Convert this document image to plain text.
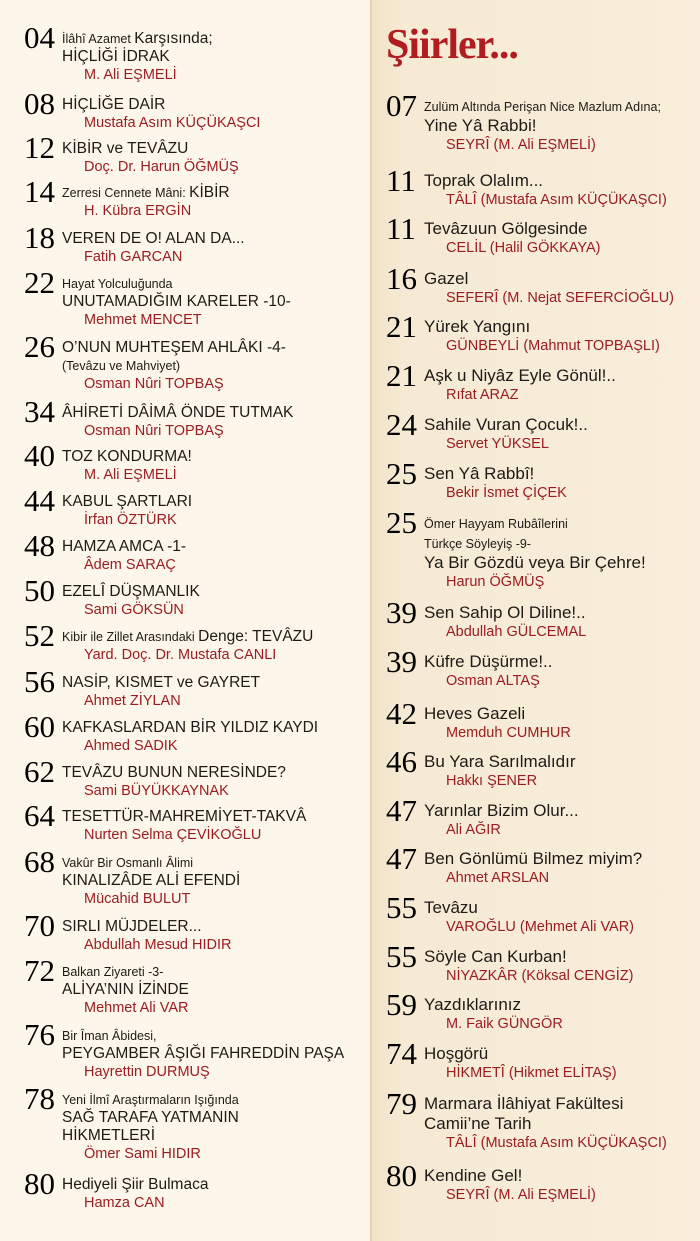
Şiirler...
04 İlâhî Azamet Karşısında;
HİÇLİĞİ İDRAK
M. Ali EŞMELİ
08 HİÇLİĞE DAİR
Mustafa Asım KÜÇÜKAŞCI
12 KİBİR ve TEVÂZU
Doç. Dr. Harun ÖĞMÜŞ
14 Zerresi Cennete Mâni: KİBİR
H. Kübra ERGİN
18 VEREN DE O! ALAN DA...
Fatih GARCAN
22 Hayat Yolculuğunda
UNUTAMADIĞIM KARELER -10-
Mehmet MENCET
26 O’NUN MUHTEŞEM AHLÂKI -4-
(Tevâzu ve Mahviyet)
Osman Nûri TOPBAŞ
34 ÂHİRETİ DÂİMÂ ÖNDE TUTMAK
Osman Nûri TOPBAŞ
40 TOZ KONDURMA!
M. Ali EŞMELİ
44 KABUL ŞARTLARI
İrfan ÖZTÜRK
48 HAMZA AMCA -1-
Âdem SARAÇ
50 EZELÎ DÜŞMANLIK
Sami GÖKSÜN
52 Kibir ile Zillet Arasındaki Denge: TEVÂZU
Yard. Doç. Dr. Mustafa CANLI
56 NASİP, KISMET ve GAYRET
Ahmet ZİYLAN
60 KAFKASLARDAN BİR YILDIZ KAYDI
Ahmed SADIK
62 TEVÂZU BUNUN NERESİNDE?
Sami BÜYÜKKAYNAK
64 TESETTÜR-MAHREMİYET-TAKVÂ
Nurten Selma ÇEVİKOĞLU
68 Vakûr Bir Osmanlı Âlimi
KINALIZÂDE ALİ EFENDİ
Mücahid BULUT
70 SIRLI MÜJDELER...
Abdullah Mesud HIDIR
72 Balkan Ziyareti -3-
ALİYA’NIN İZİNDE
Mehmet Ali VAR
76 Bir Îman Âbidesi,
PEYGAMBER ÂŞIĞI FAHREDDİN PAŞA
Hayrettin DURMUŞ
78 Yeni İlmî Araştırmaların Işığında
SAĞ TARAFA YATMANIN
HİKMETLERİ
Ömer Sami HIDIR
80 Hediyeli Şiir Bulmaca
Hamza CAN
07 Zulüm Altında Perişan Nice Mazlum Adına;
Yine Yâ Rabbi!
SEYRÎ (M. Ali EŞMELİ)
11 Toprak Olalım...
TÂLÎ (Mustafa Asım KÜÇÜKAŞCI)
11 Tevâzuun Gölgesinde
CELİL (Halil GÖKKAYA)
16 Gazel
SEFERÎ (M. Nejat SEFERCİOĞLU)
21 Yürek Yangını
GÜNBEYLİ (Mahmut TOPBAŞLI)
21 Aşk u Niyâz Eyle Gönül!..
Rıfat ARAZ
24 Sahile Vuran Çocuk!..
Servet YÜKSEL
25 Sen Yâ Rabbî!
Bekir İsmet ÇİÇEK
25 Ömer Hayyam Rubâîlerini
Türkçe Söyleyiş -9-
Ya Bir Gözdü veya Bir Çehre!
Harun ÖĞMÜŞ
39 Sen Sahip Ol Diline!..
Abdullah GÜLCEMAL
39 Küfre Düşürme!..
Osman ALTAŞ
42 Heves Gazeli
Memduh CUMHUR
46 Bu Yara Sarılmalıdır
Hakkı ŞENER
47 Yarınlar Bizim Olur...
Ali AĞIR
47 Ben Gönlümü Bilmez miyim?
Ahmet ARSLAN
55 Tevâzu
VAROĞLU (Mehmet Ali VAR)
55 Söyle Can Kurban!
NİYAZKÂR (Köksal CENGİZ)
59 Yazdıklarınız
M. Faik GÜNGÖR
74 Hoşgörü
HİKMETÎ (Hikmet ELİTAŞ)
79 Marmara İlâhiyat Fakültesi
Camii’ne Tarih
TÂLÎ (Mustafa Asım KÜÇÜKAŞCI)
80 Kendine Gel!
SEYRÎ (M. Ali EŞMELİ)
